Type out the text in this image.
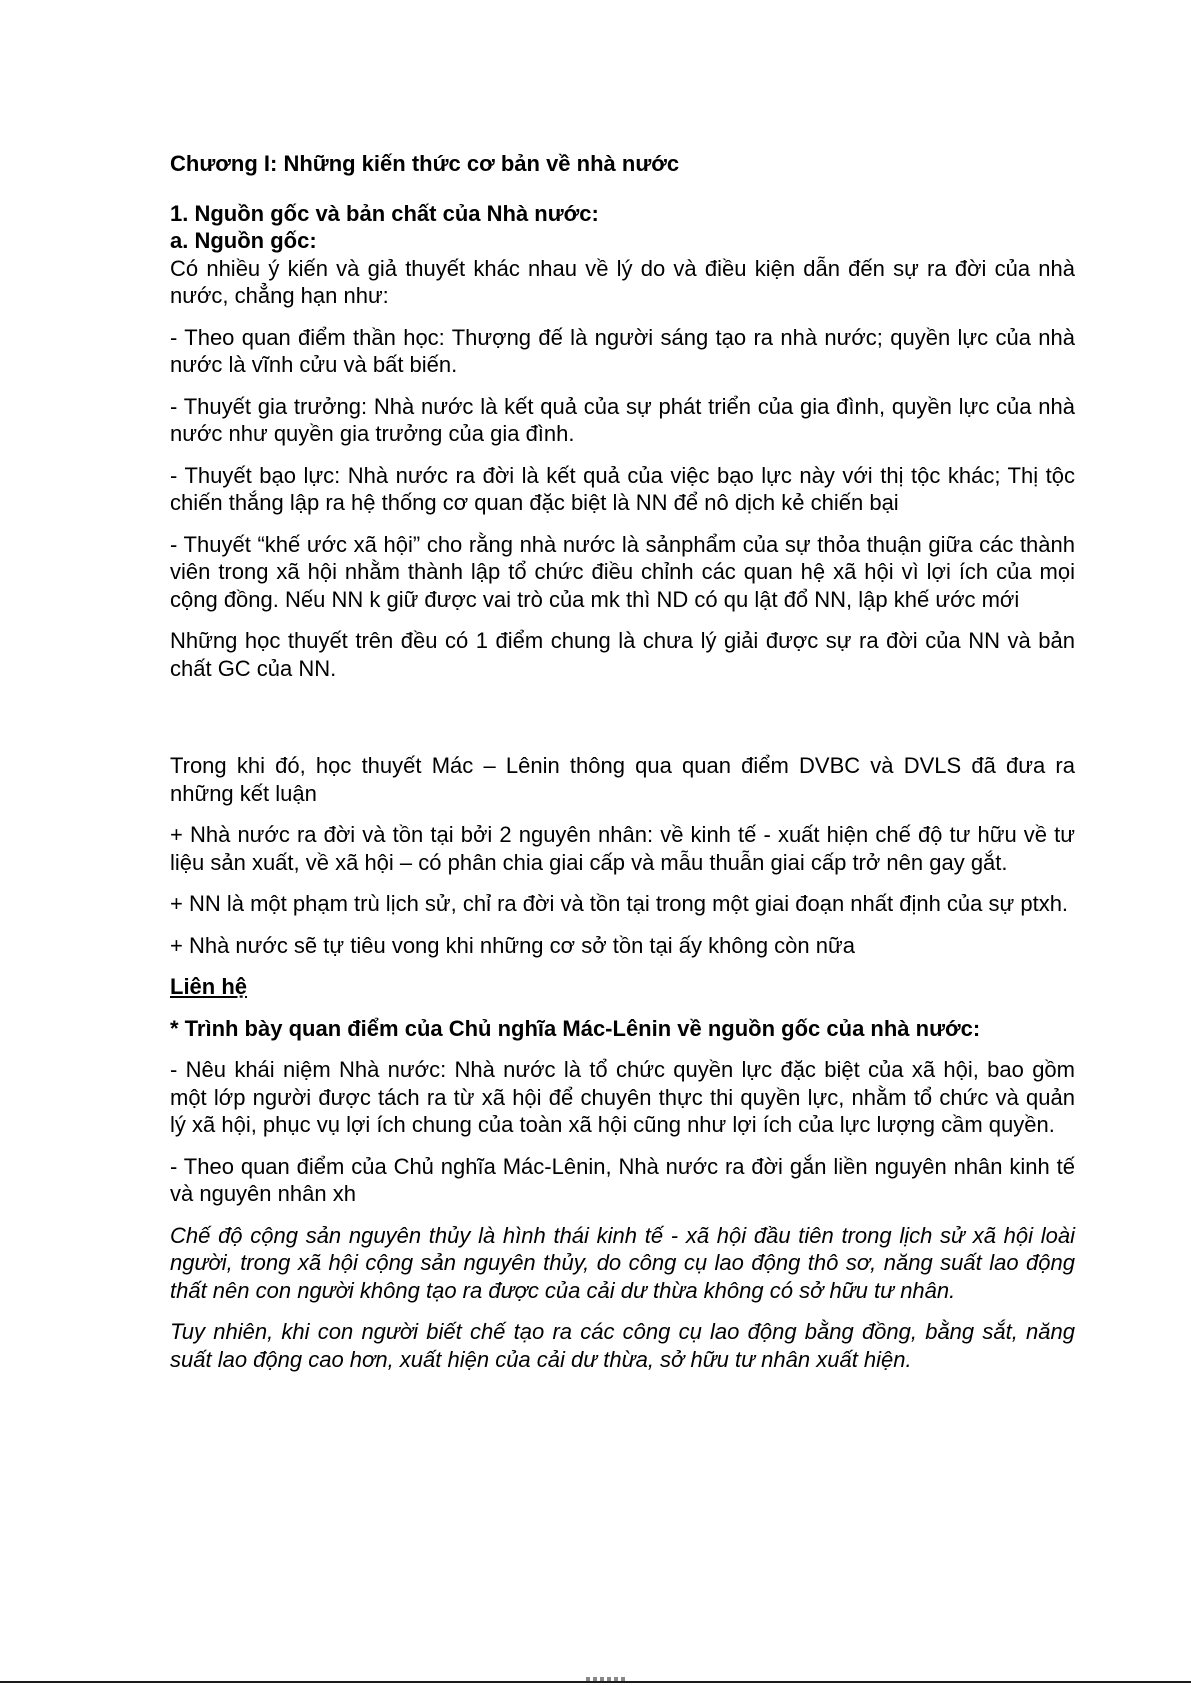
Chương I: Những kiến thức cơ bản về nhà nước
1. Nguồn gốc và bản chất của Nhà nước:
a. Nguồn gốc:

Có nhiều ý kiến và giả thuyết khác nhau về lý do và điều kiện dẫn đến sự ra đời của nhà nước, chẳng hạn như:

- Theo quan điểm thần học: Thượng đế là người sáng tạo ra nhà nước; quyền lực của nhà nước là vĩnh cửu và bất biến.

- Thuyết gia trưởng: Nhà nước là kết quả của sự phát triển của gia đình, quyền lực của nhà nước như quyền gia trưởng của gia đình.

- Thuyết bạo lực: Nhà nước ra đời là kết quả của việc bạo lực này với thị tộc khác; Thị tộc chiến thắng lập ra hệ thống cơ quan đặc biệt là NN để nô dịch kẻ chiến bại

- Thuyết “khế ước xã hội” cho rằng nhà nước là sảnphẩm của sự thỏa thuận giữa các thành viên trong xã hội nhằm thành lập tổ chức điều chỉnh các quan hệ xã hội vì lợi ích của mọi cộng đồng. Nếu NN k giữ được vai trò của mk thì ND có qu lật đổ NN, lập khế ước mới

Những học thuyết trên đều có 1 điểm chung là chưa lý giải được sự ra đời của NN và bản chất GC của NN.

Trong khi đó, học thuyết Mác – Lênin thông qua quan điểm DVBC và DVLS đã đưa ra những kết luận

+ Nhà nước ra đời và tồn tại bởi 2 nguyên nhân: về kinh tế - xuất hiện chế độ tư hữu về tư liệu sản xuất, về xã hội – có phân chia giai cấp và mẫu thuẫn giai cấp trở nên gay gắt.

+ NN là một phạm trù lịch sử, chỉ ra đời và tồn tại trong một giai đoạn nhất định của sự ptxh.

+ Nhà nước sẽ tự tiêu vong khi những cơ sở tồn tại ấy không còn nữa

Liên hệ
* Trình bày quan điểm của Chủ nghĩa Mác-Lênin về nguồn gốc của nhà nước:

- Nêu khái niệm Nhà nước: Nhà nước là tổ chức quyền lực đặc biệt của xã hội, bao gồm một lớp người được tách ra từ xã hội để chuyên thực thi quyền lực, nhằm tổ chức và quản lý xã hội, phục vụ lợi ích chung của toàn xã hội cũng như lợi ích của lực lượng cầm quyền.

- Theo quan điểm của Chủ nghĩa Mác-Lênin, Nhà nước ra đời gắn liền nguyên nhân kinh tế và nguyên nhân xh

Chế độ cộng sản nguyên thủy là hình thái kinh tế - xã hội đầu tiên trong lịch sử xã hội loài người, trong xã hội cộng sản nguyên thủy, do công cụ lao động thô sơ, năng suất lao động thất nên con người không tạo ra được của cải dư thừa không có sở hữu tư nhân.

Tuy nhiên, khi con người biết chế tạo ra các công cụ lao động bằng đồng, bằng sắt, năng suất lao động cao hơn, xuất hiện của cải dư thừa, sở hữu tư nhân xuất hiện.
